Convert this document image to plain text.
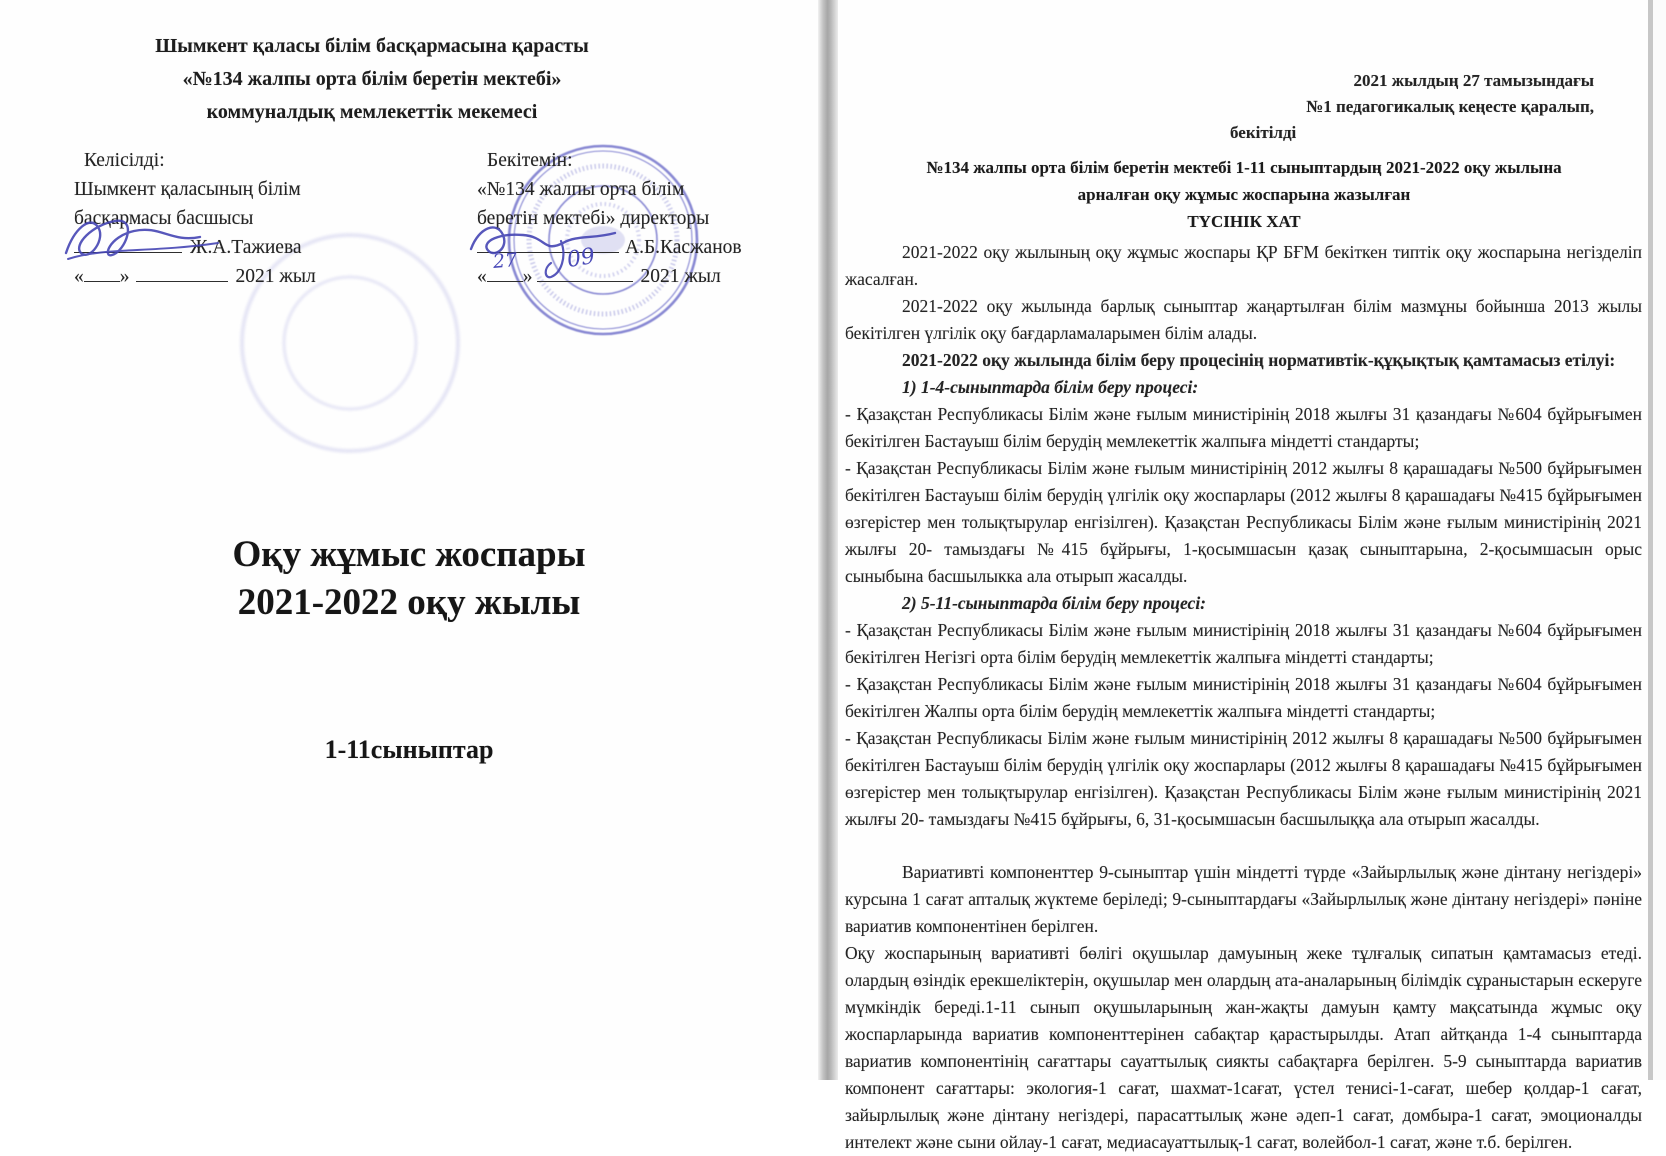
Шымкент қаласы білім басқармасына қарасты
«№134 жалпы орта білім беретін мектебі»
коммуналдық мемлекеттік мекемесі
Келісілді:
Шымкент қаласының білім
басқармасы басшысы
Ж.А.Тажиева
« »	2021 жыл
Бекітемін:
«№134 жалпы орта білім
беретін мектебі» директоры
А.Б.Касжанов
«
27
»
09
2021 жыл
Оқу жұмыс жоспары
2021-2022 оқу жылы
1-11сыныптар
2021 жылдың 27 тамызындағы
№1 педагогикалық кеңесте қаралып,
бекітілді
№134 жалпы орта білім беретін мектебі 1-11 сыныптардың 2021-2022 оқу жылына
арналған оқу жұмыс жоспарына жазылған
ТҮСІНІК ХАТ

2021-2022 оқу жылының оқу жұмыс жоспары ҚР БҒМ бекіткен типтік оқу жоспарына негізделіп жасалған.

2021-2022 оқу жылында барлық сыныптар жаңартылған білім мазмұны бойынша 2013 жылы бекітілген үлгілік оқу бағдарламаларымен білім алады.

2021-2022 оқу жылында білім беру процесінің нормативтік-құқықтық қамтамасыз етілуі:

1) 1-4-сыныптарда білім беру процесі:

- Қазақстан Республикасы Білім және ғылым министірінің 2018 жылғы 31 қазандағы №604 бұйрығымен бекітілген Бастауыш білім берудің мемлекеттік жалпыға міндетті стандарты;

- Қазақстан Республикасы Білім және ғылым министірінің 2012 жылғы 8 қарашадағы №500 бұйрығымен бекітілген Бастауыш білім берудің үлгілік оқу жоспарлары (2012 жылғы 8 қарашадағы №415 бұйрығымен өзгерістер мен толықтырулар енгізілген). Қазақстан Республикасы Білім және ғылым министірінің 2021 жылғы 20- тамыздағы №415 бұйрығы, 1-қосымшасын қазақ сыныптарына, 2-қосымшасын орыс сыныбына басшылыкка ала отырып жасалды.

2) 5-11-сыныптарда білім беру процесі:

- Қазақстан Республикасы Білім және ғылым министірінің 2018 жылғы 31 қазандағы №604 бұйрығымен бекітілген Негізгі орта білім берудің мемлекеттік жалпыға міндетті стандарты;

- Қазақстан Республикасы Білім және ғылым министірінің 2018 жылғы 31 қазандағы №604 бұйрығымен бекітілген Жалпы орта білім берудің мемлекеттік жалпыға міндетті стандарты;

- Қазақстан Республикасы Білім және ғылым министірінің 2012 жылғы 8 қарашадағы №500 бұйрығымен бекітілген Бастауыш білім берудің үлгілік оқу жоспарлары (2012 жылғы 8 қарашадағы №415 бұйрығымен өзгерістер мен толықтырулар енгізілген). Қазақстан Республикасы Білім және ғылым министірінің 2021 жылғы 20- тамыздағы №415 бұйрығы, 6, 31-қосымшасын басшылыққа ала отырып жасалды.

Вариативті компоненттер 9-сыныптар үшін міндетті түрде «Зайырлылық және дінтану негіздері» курсына 1 сағат апталық жүктеме беріледі; 9-сыныптардағы «Зайырлылық және дінтану негіздері» пәніне вариатив компонентінен берілген.

Оқу жоспарының вариативті бөлігі оқушылар дамуының жеке тұлғалық сипатын қамтамасыз етеді. олардың өзіндік ерекшеліктерін, оқушылар мен олардың ата-аналарының білімдік сұраныстарын ескеруге мүмкіндік береді.1-11 сынып оқушыларының жан-жақты дамуын қамту мақсатында жұмыс оқу жоспарларында вариатив компоненттерінен сабақтар қарастырылды. Атап айтқанда 1-4 сыныптарда вариатив компонентінің сағаттары сауаттылық сиякты сабақтарға берілген. 5-9 сыныптарда вариатив компонент сағаттары: экология-1 сағат, шахмат-1сағат, үстел тенисі-1-сағат, шебер қолдар-1 сағат, зайырлылық және дінтану негіздері, парасаттылық және әдеп-1 сағат, домбыра-1 сағат, эмоционалды интелект және сыни ойлау-1 сағат, медиасауаттылық-1 сағат, волейбол-1 сағат, және т.б. берілген.
